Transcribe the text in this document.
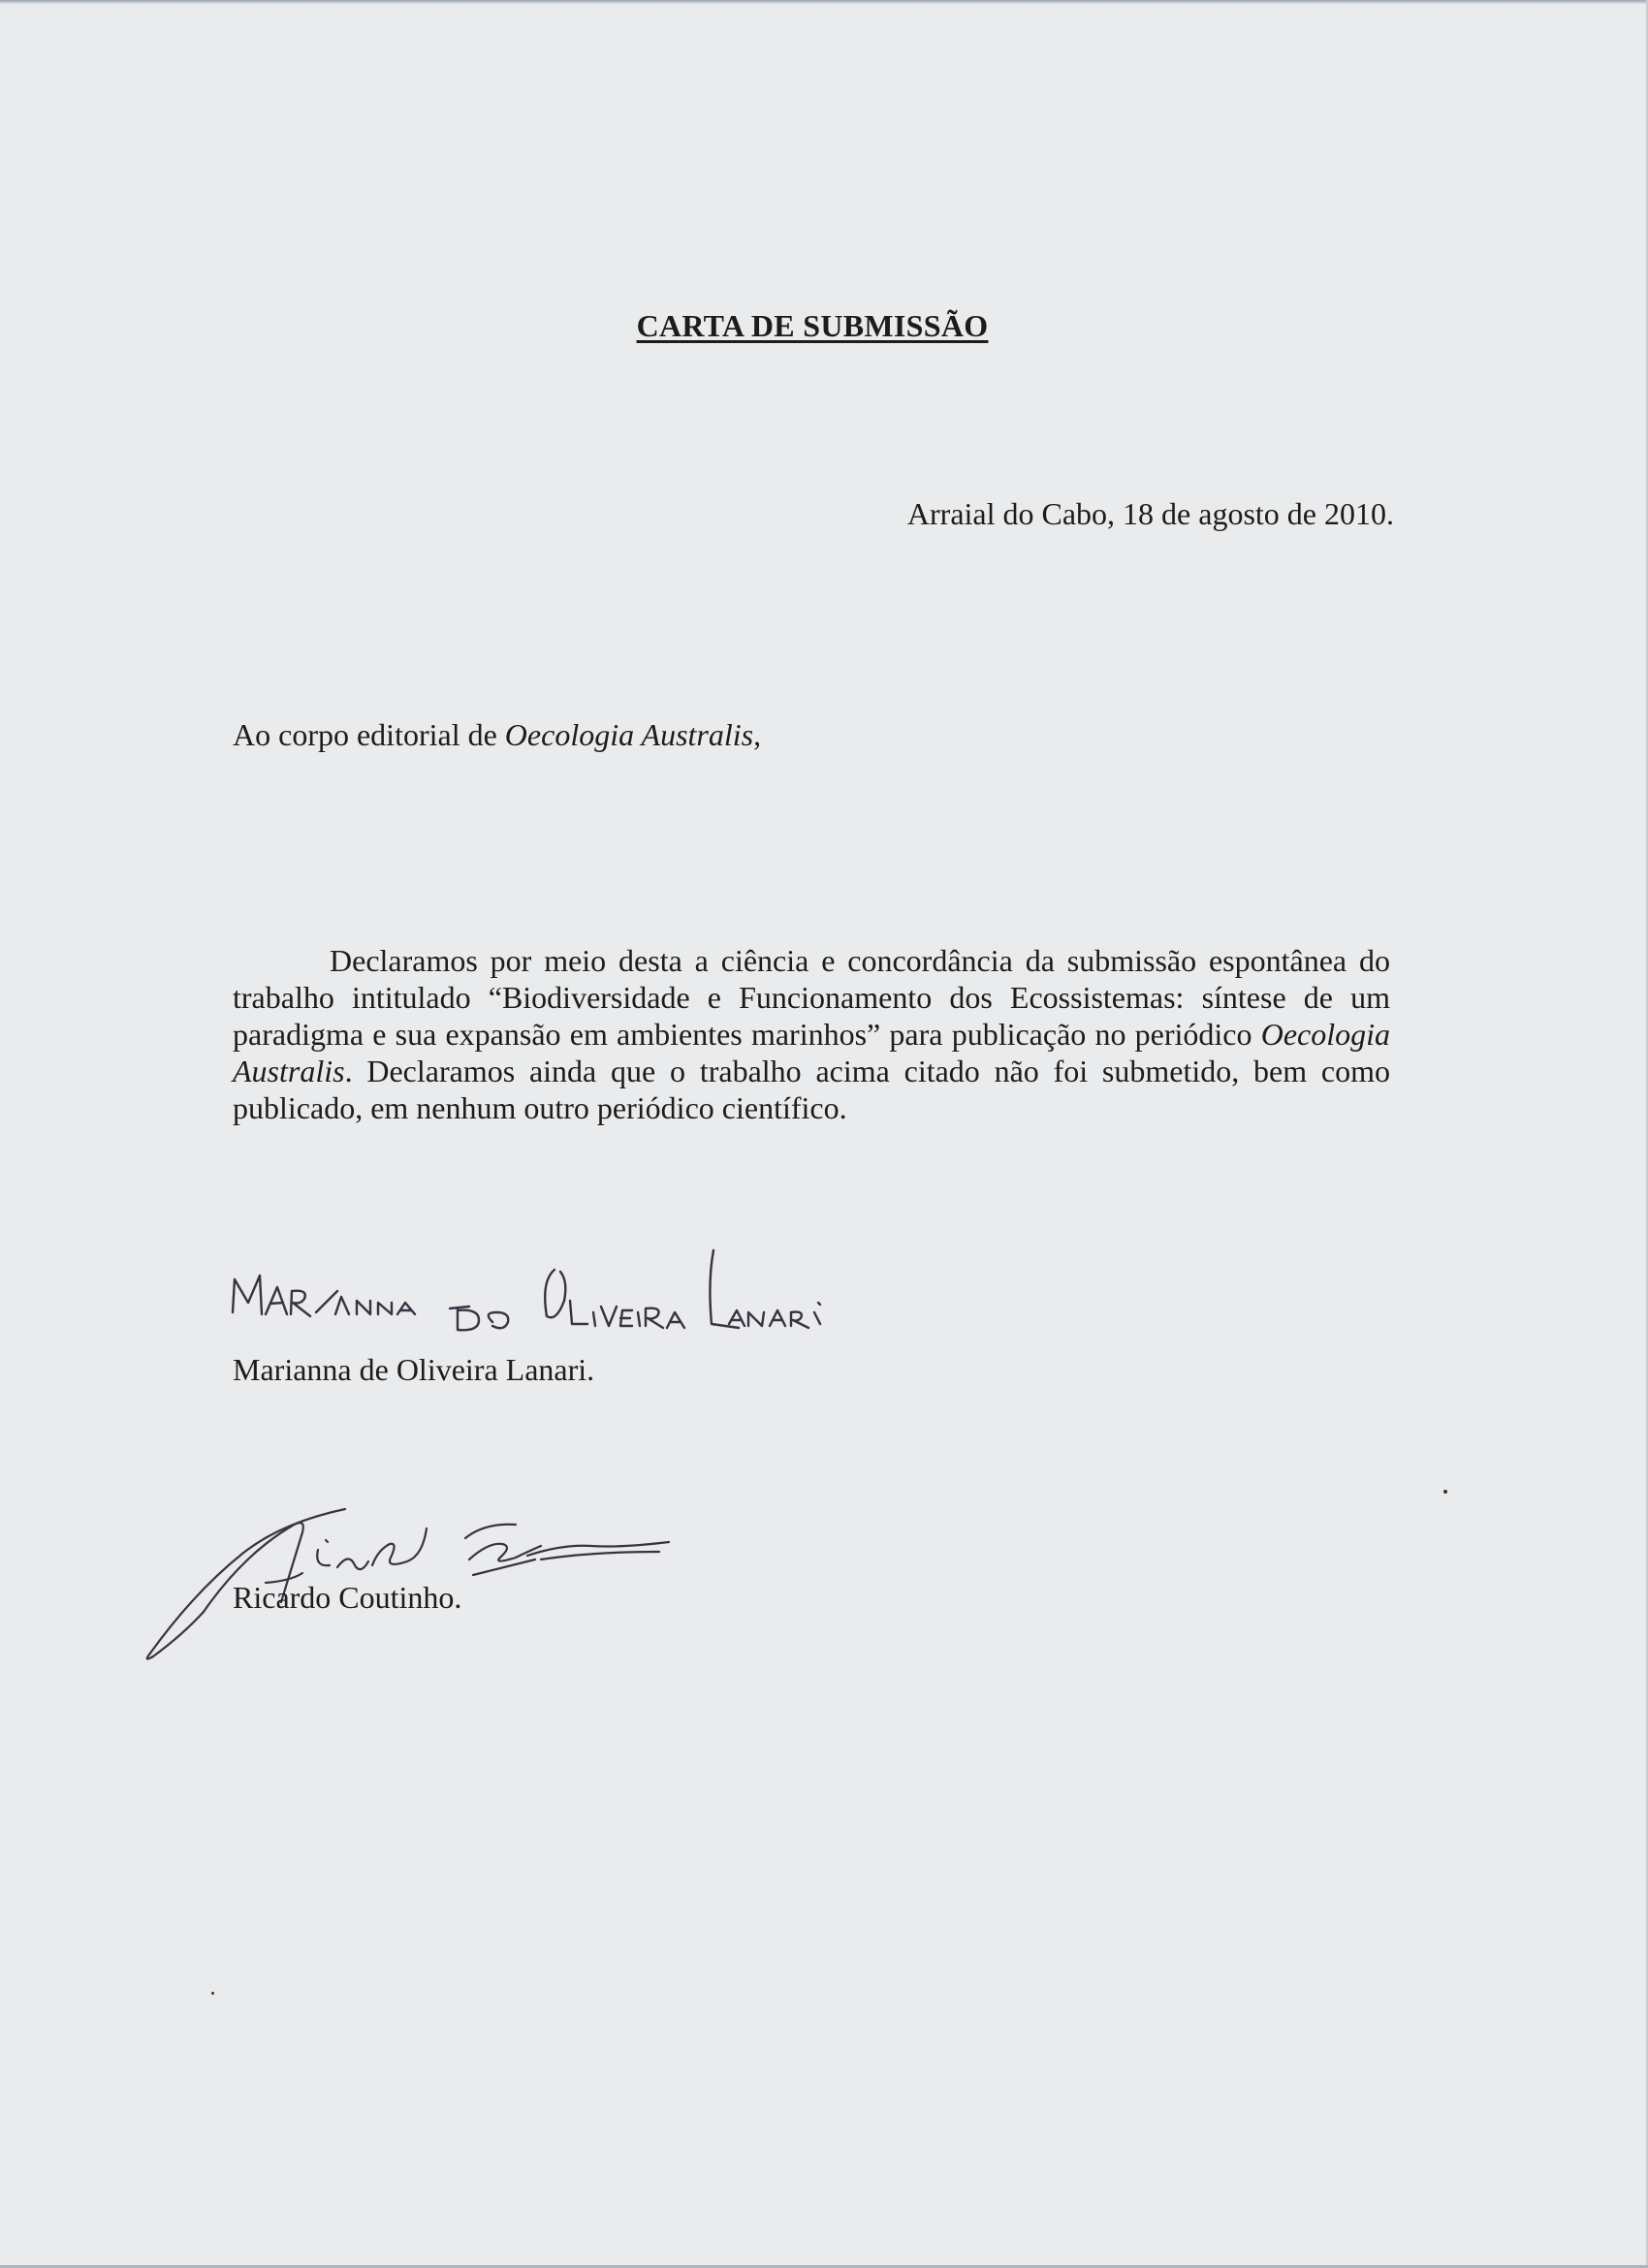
CARTA DE SUBMISSÃO
Arraial do Cabo, 18 de agosto de 2010.
Ao corpo editorial de Oecologia Australis,
Declaramos por meio desta a ciência e concordância da submissão espontânea do trabalho intitulado “Biodiversidade e Funcionamento dos Ecossistemas: síntese de um paradigma e sua expansão em ambientes marinhos” para publicação no periódico Oecologia Australis. Declaramos ainda que o trabalho acima citado não foi submetido, bem como publicado, em nenhum outro periódico científico.
Marianna de Oliveira Lanari.
Ricardo Coutinho.
